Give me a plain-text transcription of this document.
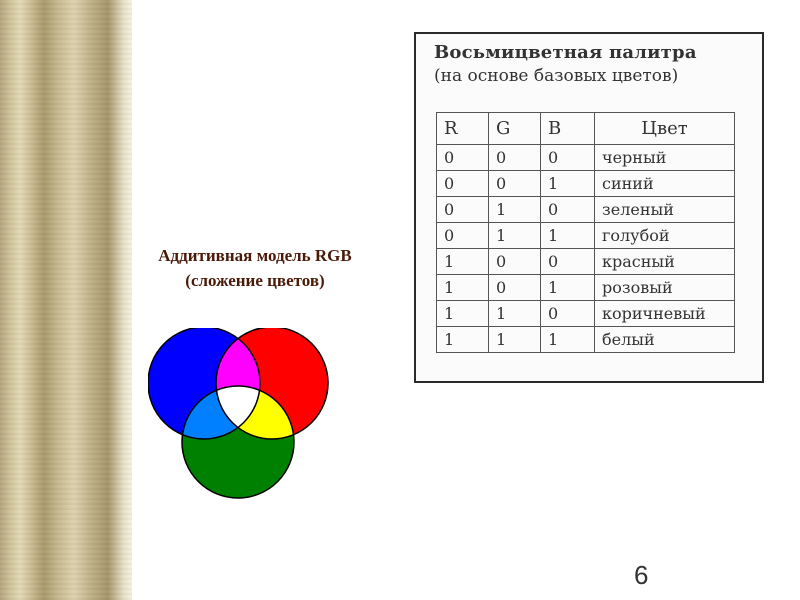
Аддитивная модель RGB
(сложение цветов)
Восьмицветная палитра
(на основе базовых цветов)
R	G	B	Цвет
0	0	0	черный
0	0	1	синий
0	1	0	зеленый
0	1	1	голубой
1	0	0	красный
1	0	1	розовый
1	1	0	коричневый
1	1	1	белый
6
